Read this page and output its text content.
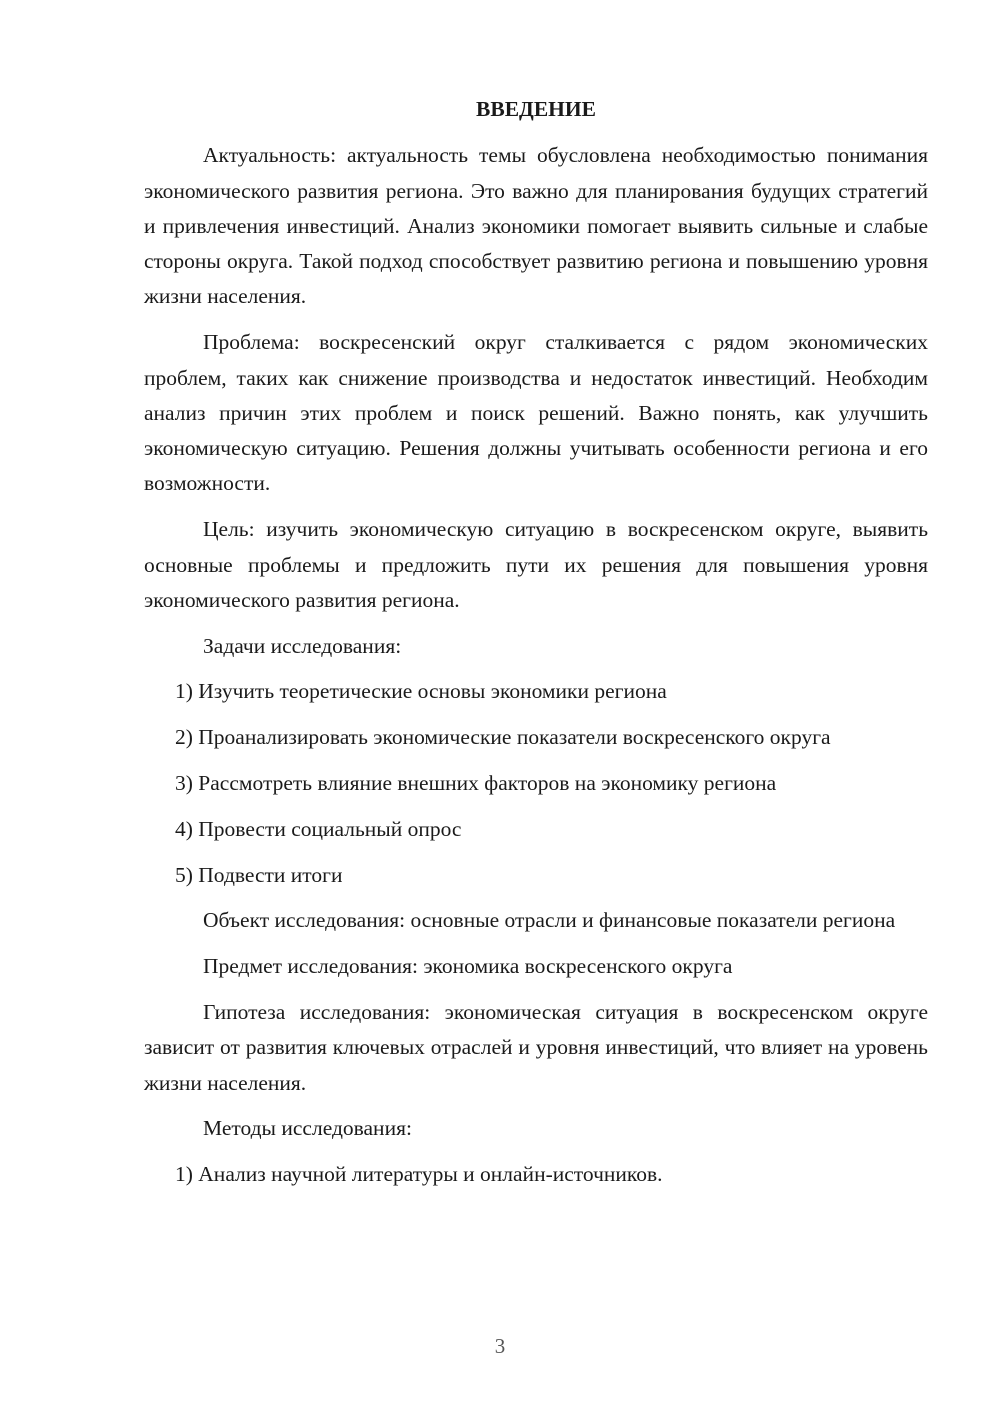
ВВЕДЕНИЕ

Актуальность: актуальность темы обусловлена необходимостью понимания экономического развития региона. Это важно для планирования будущих стратегий и привлечения инвестиций. Анализ экономики помогает выявить сильные и слабые стороны округа. Такой подход способствует развитию региона и повышению уровня жизни населения.

Проблема: воскресенский округ сталкивается с рядом экономических проблем, таких как снижение производства и недостаток инвестиций. Необходим анализ причин этих проблем и поиск решений. Важно понять, как улучшить экономическую ситуацию. Решения должны учитывать особенности региона и его возможности.

Цель: изучить экономическую ситуацию в воскресенском округе, выявить основные проблемы и предложить пути их решения для повышения уровня экономического развития региона.

Задачи исследования:

1) Изучить теоретические основы экономики региона

2) Проанализировать экономические показатели воскресенского округа

3) Рассмотреть влияние внешних факторов на экономику региона

4) Провести социальный опрос

5) Подвести итоги

Объект исследования: основные отрасли и финансовые показатели региона

Предмет исследования: экономика воскресенского округа

Гипотеза исследования: экономическая ситуация в воскресенском округе зависит от развития ключевых отраслей и уровня инвестиций, что влияет на уровень жизни населения.

Методы исследования:

1) Анализ научной литературы и онлайн-источников.

3
